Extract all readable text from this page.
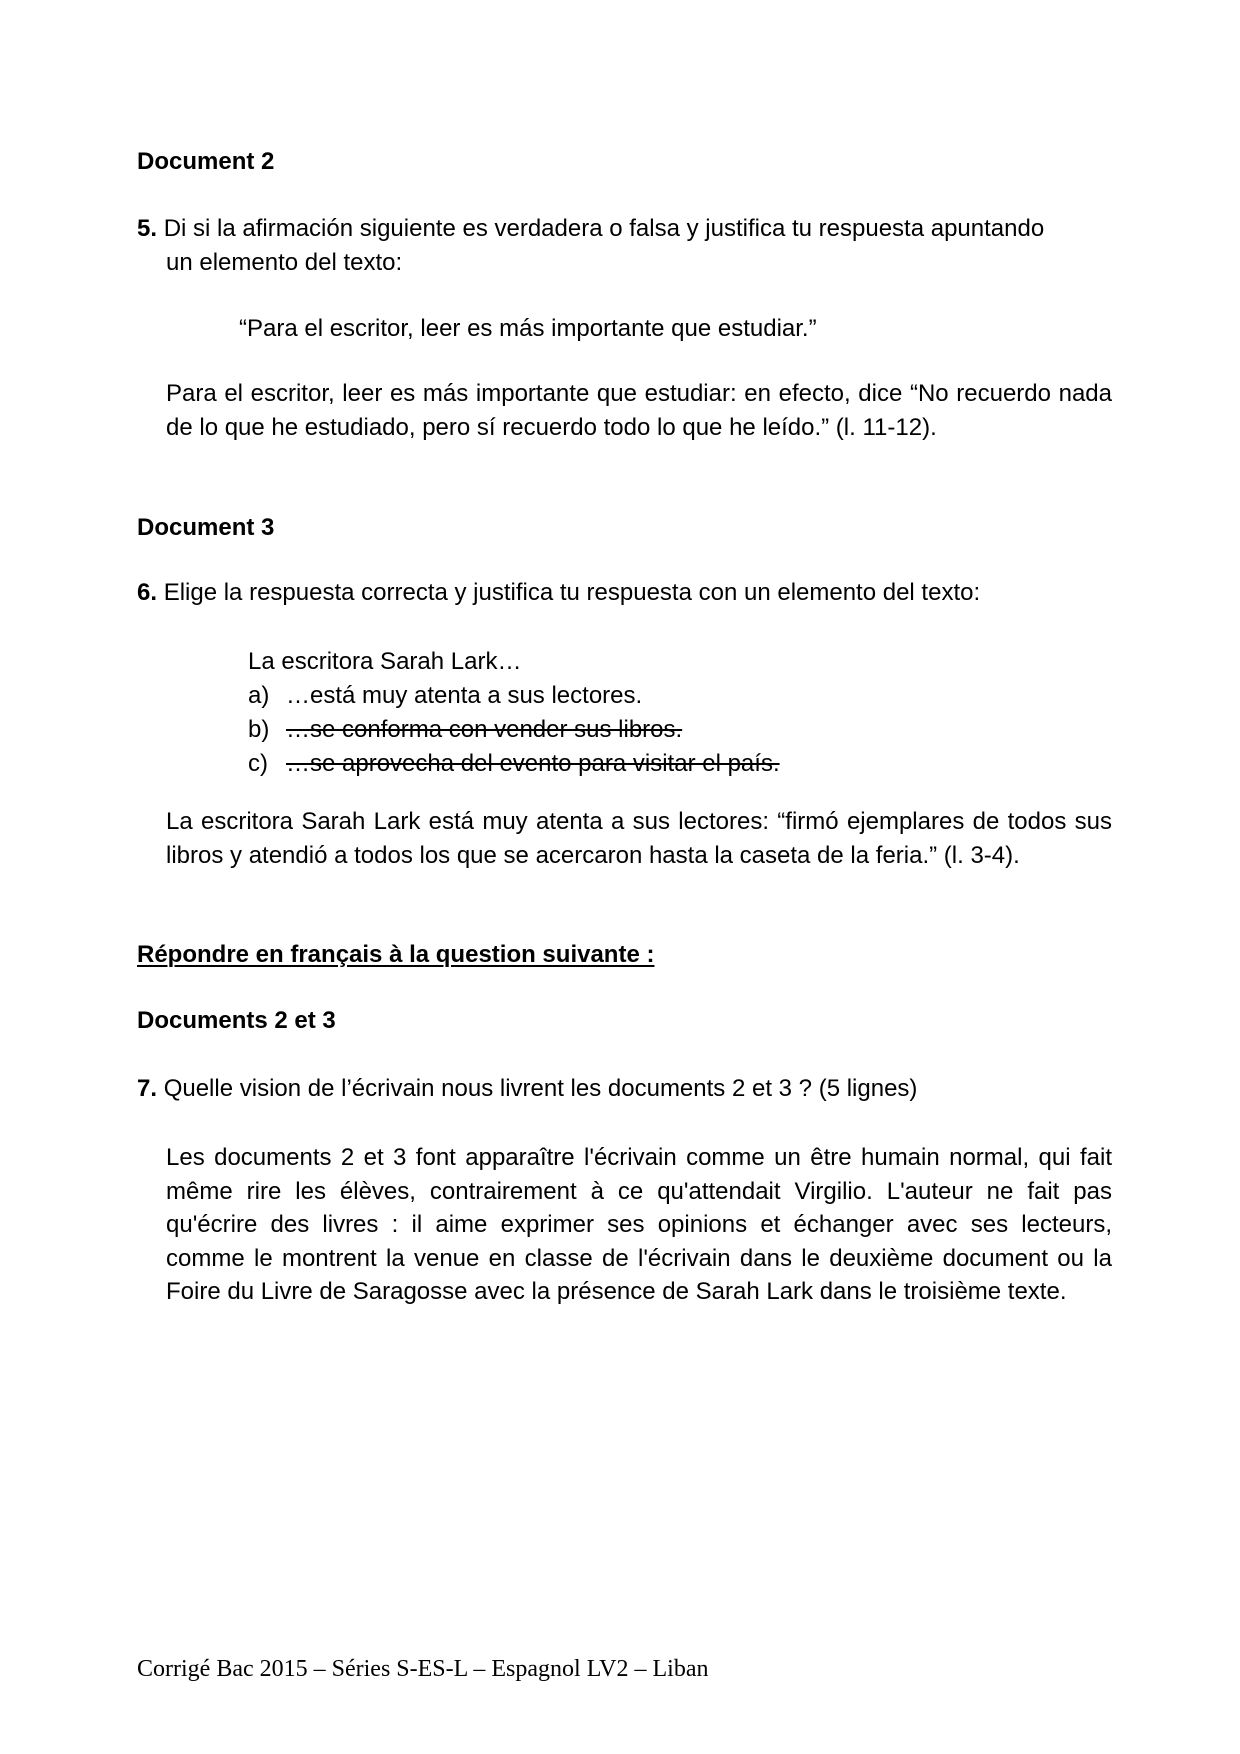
Document 2
5. Di si la afirmación siguiente es verdadera o falsa y justifica tu respuesta apuntando
un elemento del texto:
“Para el escritor, leer es más importante que estudiar.”
Para el escritor, leer es más importante que estudiar: en efecto, dice “No recuerdo nada de lo que he estudiado, pero sí recuerdo todo lo que he leído.” (l. 11-12).
Document 3
6. Elige la respuesta correcta y justifica tu respuesta con un elemento del texto:
La escritora Sarah Lark…
a) …está muy atenta a sus lectores.
b) …se conforma con vender sus libros.
c) …se aprovecha del evento para visitar el país.
La escritora Sarah Lark está muy atenta a sus lectores: “firmó ejemplares de todos sus libros y atendió a todos los que se acercaron hasta la caseta de la feria.” (l. 3-4).
Répondre en français à la question suivante :
Documents 2 et 3
7. Quelle vision de l’écrivain nous livrent les documents 2 et 3 ? (5 lignes)
Les documents 2 et 3 font apparaître l'écrivain comme un être humain normal, qui fait même rire les élèves, contrairement à ce qu'attendait Virgilio. L'auteur ne fait pas qu'écrire des livres : il aime exprimer ses opinions et échanger avec ses lecteurs, comme le montrent la venue en classe de l'écrivain dans le deuxième document ou la Foire du Livre de Saragosse avec la présence de Sarah Lark dans le troisième texte.
Corrigé Bac 2015 – Séries S-ES-L – Espagnol LV2 – Liban
